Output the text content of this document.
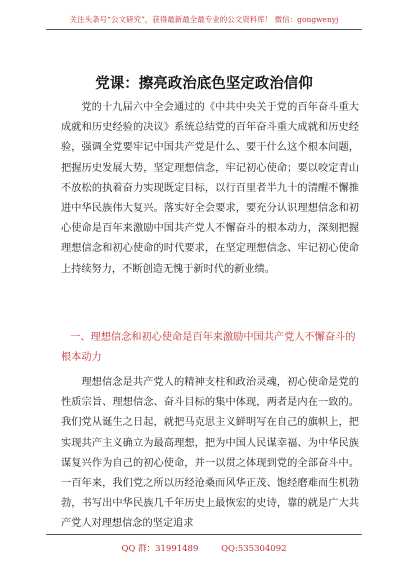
关注头条号“公文研究”，获得最新最全最专业的公文资料库！ 微信：gongwenyj
党课：擦亮政治底色坚定政治信仰

党的十九届六中全会通过的《中共中央关于党的百年奋斗重大成就和历史经验的决议》系统总结党的百年奋斗重大成就和历史经验，强调全党要牢记中国共产党是什么、要干什么这个根本问题，把握历史发展大势，坚定理想信念，牢记初心使命；要以咬定青山不放松的执着奋力实现既定目标，以行百里者半九十的清醒不懈推进中华民族伟大复兴。落实好全会要求，要充分认识理想信念和初心使命是百年来激励中国共产党人不懈奋斗的根本动力，深刻把握理想信念和初心使命的时代要求，在坚定理想信念、牢记初心使命上持续努力，不断创造无愧于新时代的新业绩。

一、理想信念和初心使命是百年来激励中国共产党人不懈奋斗的根本动力

理想信念是共产党人的精神支柱和政治灵魂，初心使命是党的性质宗旨、理想信念、奋斗目标的集中体现，两者是内在一致的。我们党从诞生之日起，就把马克思主义鲜明写在自己的旗帜上，把实现共产主义确立为最高理想，把为中国人民谋幸福、为中华民族谋复兴作为自己的初心使命，并一以贯之体现到党的全部奋斗中。一百年来，我们党之所以历经沧桑而风华正茂、饱经磨难而生机勃勃，书写出中华民族几千年历史上最恢宏的史诗，靠的就是广大共产党人对理想信念的坚定追求

QQ 群：31991489	QQ:535304092
